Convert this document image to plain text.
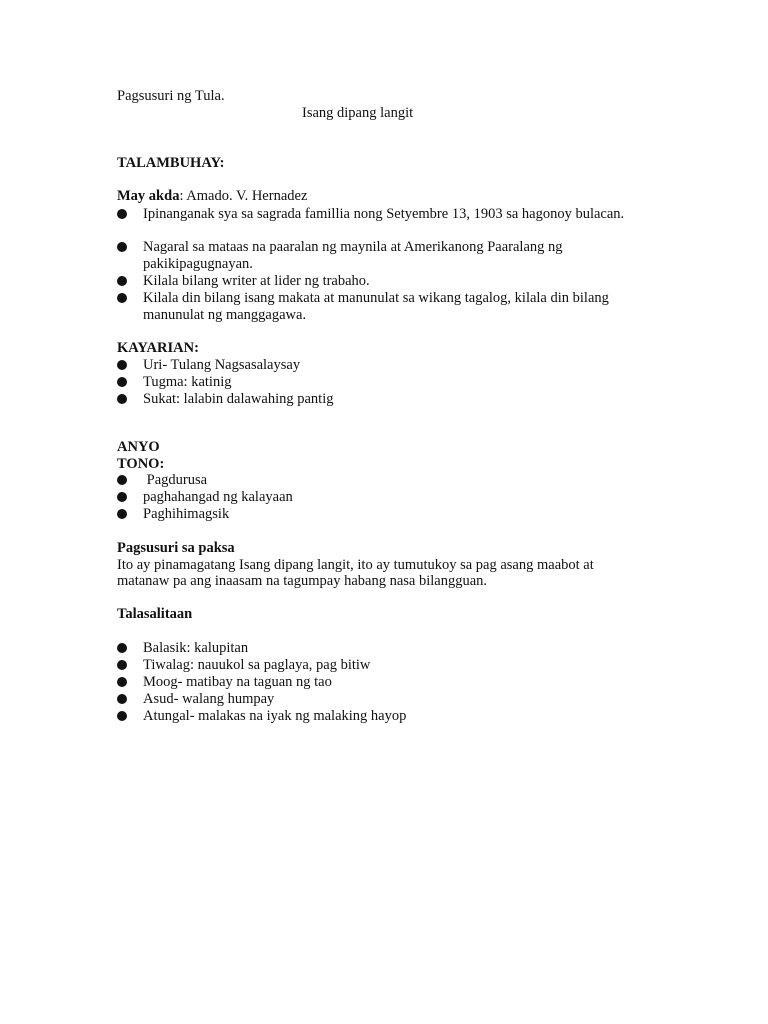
Pagsusuri ng Tula.
Isang dipang langit
TALAMBUHAY:
May akda: Amado. V. Hernadez
Ipinanganak sya sa sagrada famillia nong Setyembre 13, 1903 sa hagonoy bulacan.
Nagaral sa mataas na paaralan ng maynila at Amerikanong Paaralang ng pakikipagugnayan.
Kilala bilang writer at lider ng trabaho.
Kilala din bilang isang makata at manunulat sa wikang tagalog, kilala din bilang manunulat ng manggagawa.
KAYARIAN:
Uri- Tulang Nagsasalaysay
Tugma: katinig
Sukat: lalabin dalawahing pantig
ANYO
TONO:
Pagdurusa
paghahangad ng kalayaan
Paghihimagsik
Pagsusuri sa paksa
Ito ay pinamagatang Isang dipang langit, ito ay tumutukoy sa pag asang maabot at
matanaw pa ang inaasam na tagumpay habang nasa bilangguan.
Talasalitaan
Balasik: kalupitan
Tiwalag: nauukol sa paglaya, pag bitiw
Moog- matibay na taguan ng tao
Asud- walang humpay
Atungal- malakas na iyak ng malaking hayop
